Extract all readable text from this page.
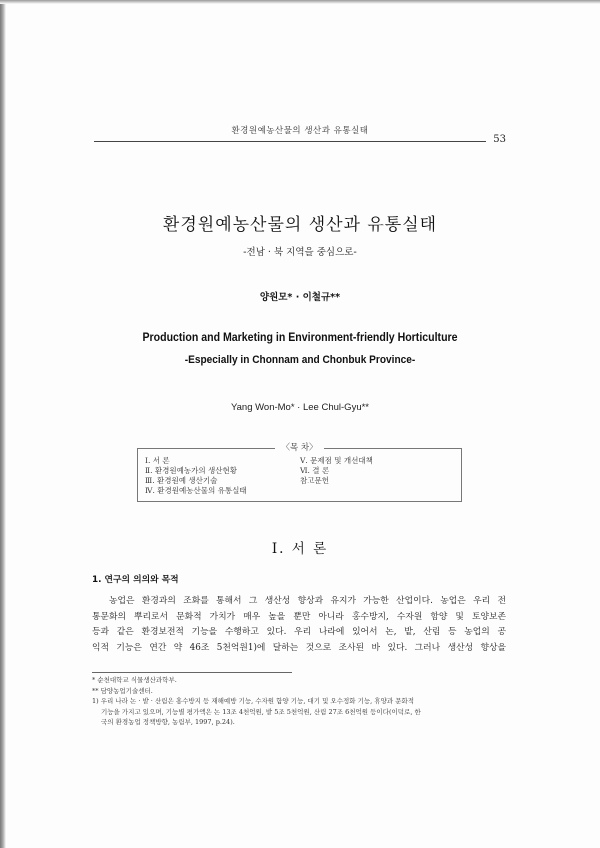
환경원예농산물의 생산과 유통실태
53
환경원예농산물의 생산과 유통실태
-전남 · 북 지역을 중심으로-
양원모* · 이철규**
Production and Marketing in Environment-friendly Horticulture
-Especially in Chonnam and Chonbuk Province-
Yang Won-Mo* · Lee Chul-Gyu**
〈목 차〉
Ⅰ. 서 론
Ⅱ. 환경원예농가의 생산현황
Ⅲ. 환경원예 생산기술
Ⅳ. 환경원예농산물의 유통실태
Ⅴ. 문제점 및 개선대책
Ⅵ. 결 론
참고문헌
Ⅰ. 서 론
1. 연구의 의의와 목적
농업은 환경과의 조화를 통해서 그 생산성 향상과 유지가 가능한 산업이다. 농업은 우리 전
통문화의 뿌리로서 문화적 가치가 매우 높을 뿐만 아니라 홍수방지, 수자원 함양 및 토양보존
등과 같은 환경보전적 기능을 수행하고 있다. 우리 나라에 있어서 논, 밭, 산림 등 농업의 공
익적 기능은 연간 약 46조 5천억원1)에 달하는 것으로 조사된 바 있다. 그러나 생산성 향상을
* 순천대학교 식물생산과학부.
** 담양농업기술센터.
1) 우리 나라 논 · 밭 · 산림은 홍수방지 등 재해예방 기능, 수자원 함양 기능, 대기 및 오수정화 기능, 휴양과 문화적
기능을 가지고 있으며, 기능별 평가액은 논 13조 4천억원, 밭 5조 5천억원, 산림 27조 6천억원 등이다(이덕로, 한
국의 환경농업 정책방향, 농림부, 1997, p.24).
